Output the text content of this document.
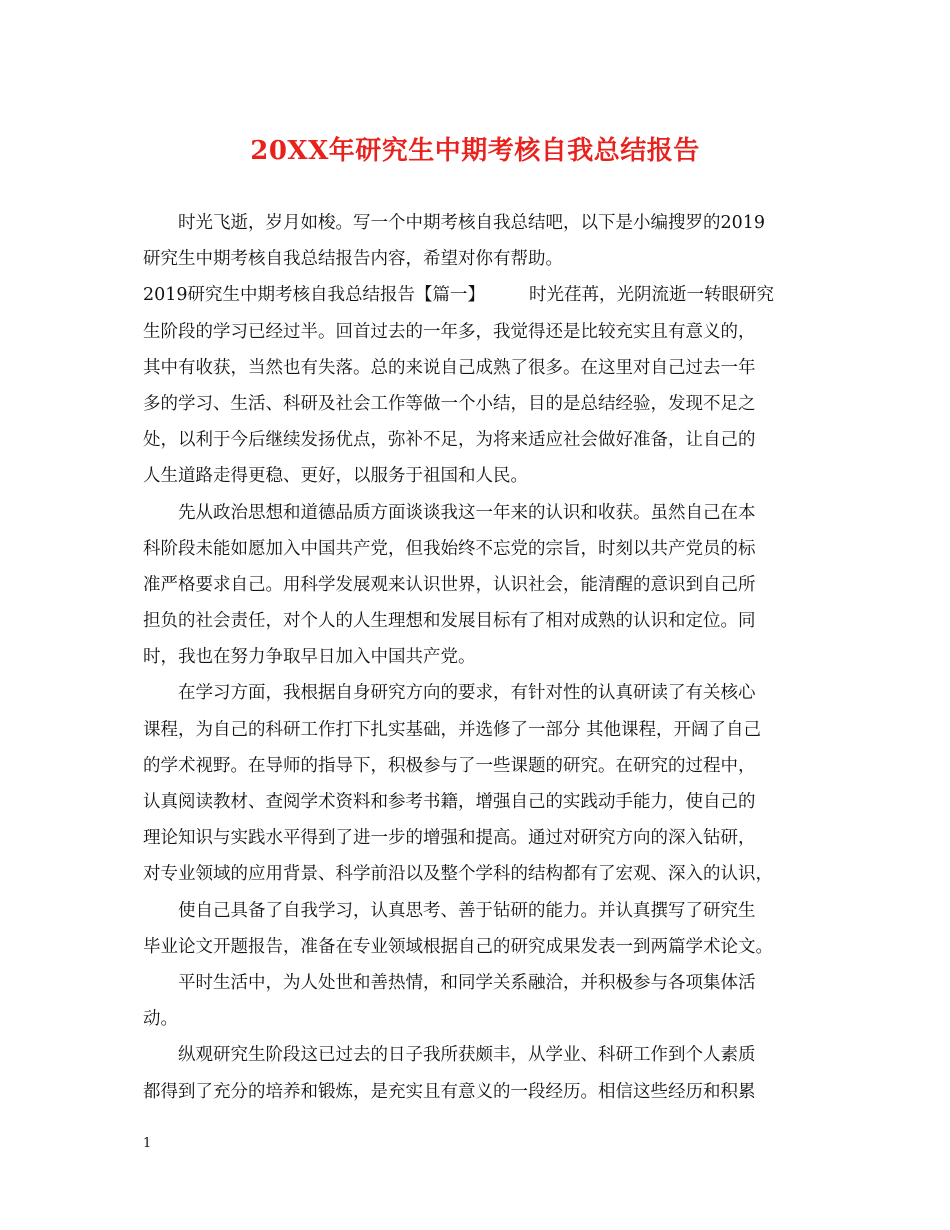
20XX年研究生中期考核自我总结报告
时光飞逝，岁月如梭。写一个中期考核自我总结吧，以下是小编搜罗的2019
研究生中期考核自我总结报告内容，希望对你有帮助。
2019研究生中期考核自我总结报告【篇一】	时光荏苒，光阴流逝一转眼研究
生阶段的学习已经过半。回首过去的一年多，我觉得还是比较充实且有意义的，
其中有收获，当然也有失落。总的来说自己成熟了很多。在这里对自己过去一年
多的学习、生活、科研及社会工作等做一个小结，目的是总结经验，发现不足之
处，以利于今后继续发扬优点，弥补不足，为将来适应社会做好准备，让自己的
人生道路走得更稳、更好，以服务于祖国和人民。
先从政治思想和道德品质方面谈谈我这一年来的认识和收获。虽然自己在本
科阶段未能如愿加入中国共产党，但我始终不忘党的宗旨，时刻以共产党员的标
准严格要求自己。用科学发展观来认识世界，认识社会，能清醒的意识到自己所
担负的社会责任，对个人的人生理想和发展目标有了相对成熟的认识和定位。同
时，我也在努力争取早日加入中国共产党。
在学习方面，我根据自身研究方向的要求，有针对性的认真研读了有关核心
课程，为自己的科研工作打下扎实基础，并选修了一部分 其他课程，开阔了自己
的学术视野。在导师的指导下，积极参与了一些课题的研究。在研究的过程中，
认真阅读教材、查阅学术资料和参考书籍，增强自己的实践动手能力，使自己的
理论知识与实践水平得到了进一步的增强和提高。通过对研究方向的深入钻研，
对专业领域的应用背景、科学前沿以及整个学科的结构都有了宏观、深入的认识，
使自己具备了自我学习，认真思考、善于钻研的能力。并认真撰写了研究生
毕业论文开题报告，准备在专业领域根据自己的研究成果发表一到两篇学术论文。
平时生活中，为人处世和善热情，和同学关系融洽，并积极参与各项集体活
动。
纵观研究生阶段这已过去的日子我所获颇丰，从学业、科研工作到个人素质
都得到了充分的培养和锻炼，是充实且有意义的一段经历。相信这些经历和积累
1
